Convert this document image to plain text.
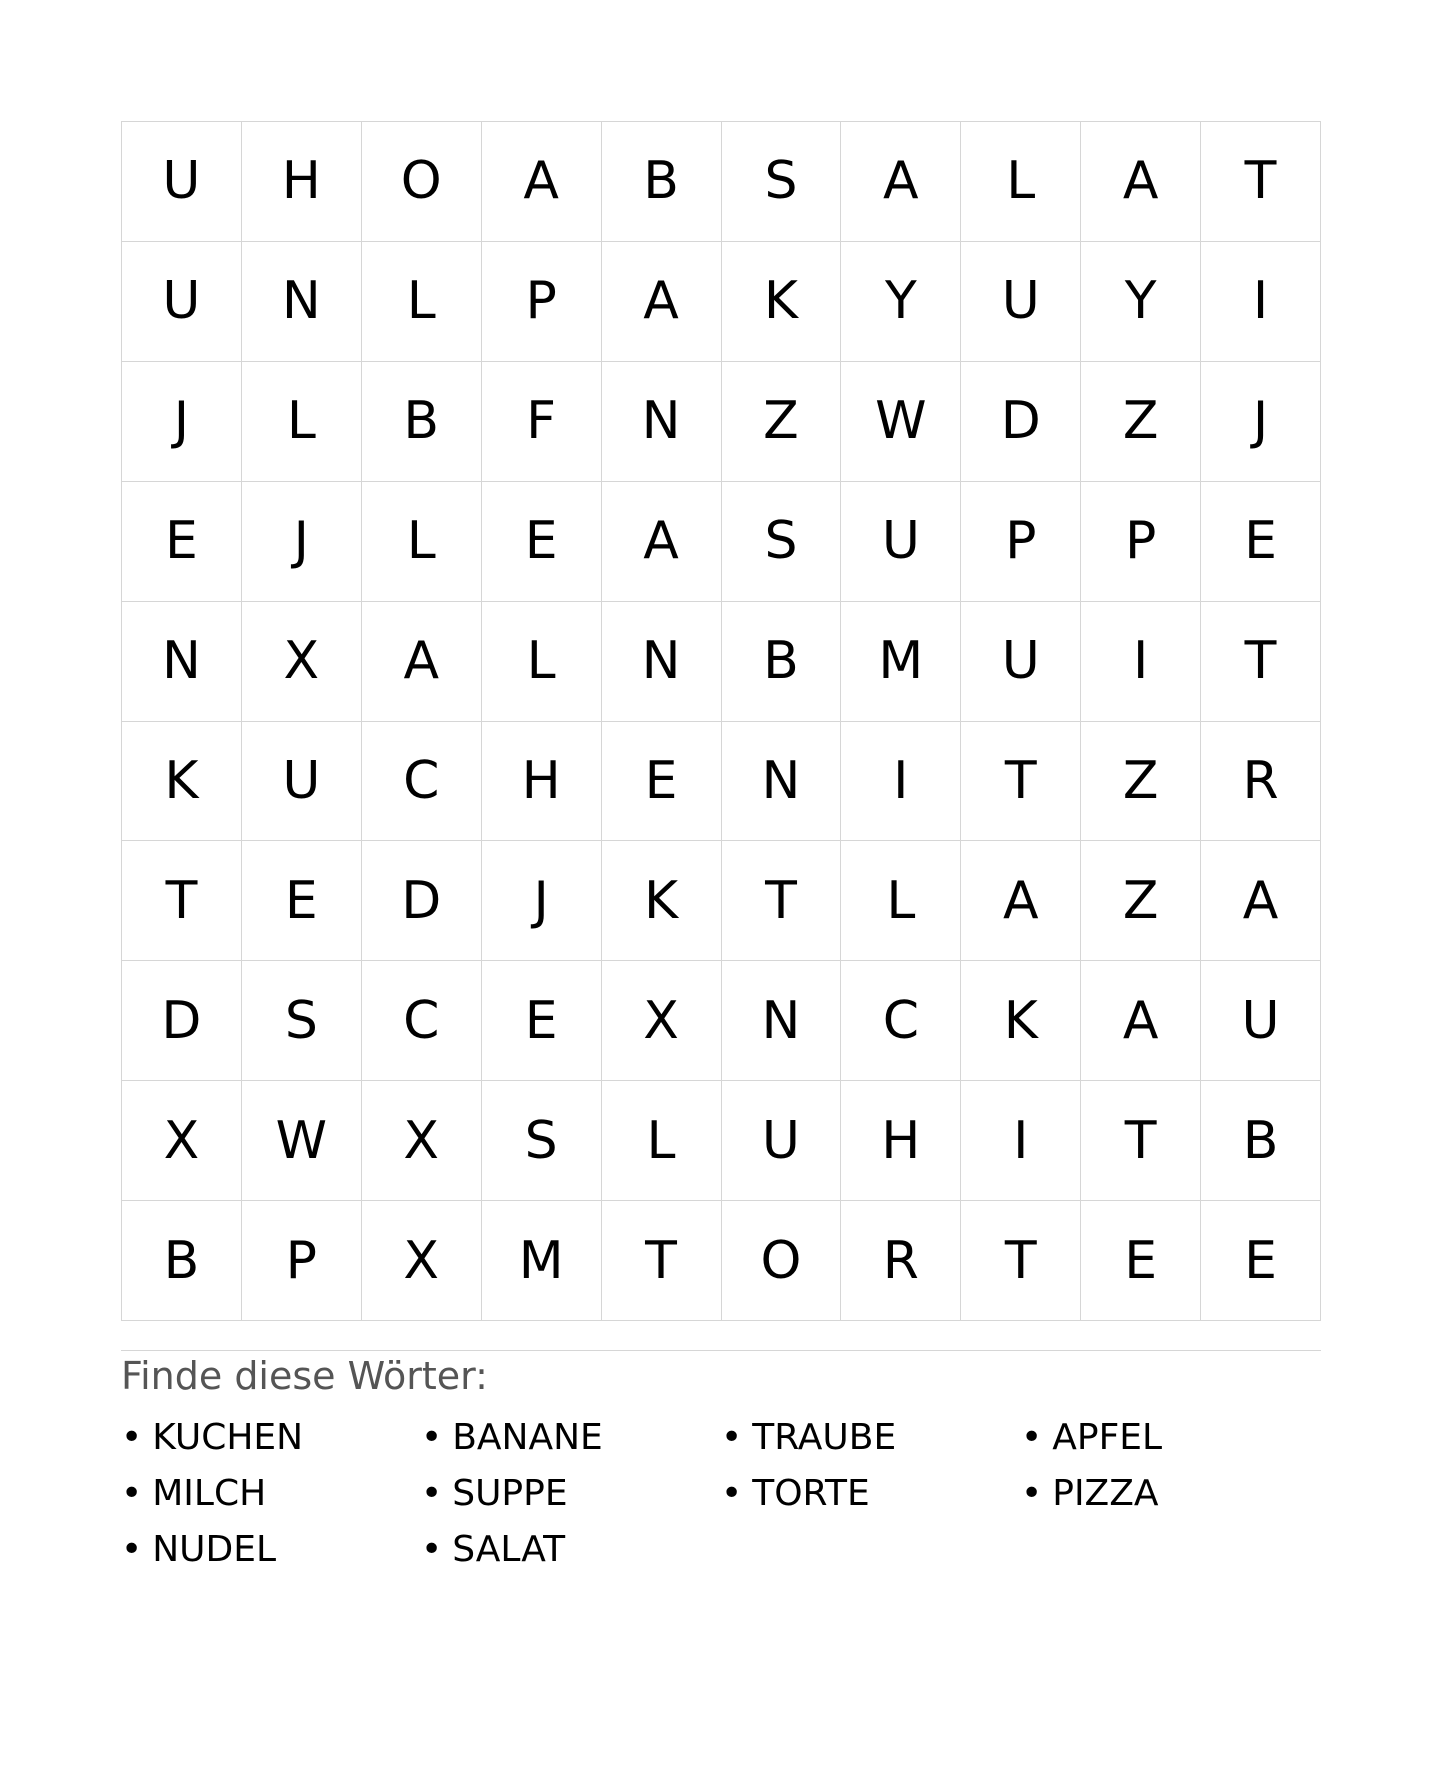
U	H	O	A	B	S	A	L	A	T
U	N	L	P	A	K	Y	U	Y	I
J	L	B	F	N	Z	W	D	Z	J
E	J	L	E	A	S	U	P	P	E
N	X	A	L	N	B	M	U	I	T
K	U	C	H	E	N	I	T	Z	R
T	E	D	J	K	T	L	A	Z	A
D	S	C	E	X	N	C	K	A	U
X	W	X	S	L	U	H	I	T	B
B	P	X	M	T	O	R	T	E	E
Finde diese Wörter:
• KUCHEN	• BANANE	• TRAUBE	• APFEL
• MILCH	• SUPPE	• TORTE	• PIZZA
• NUDEL	• SALAT
